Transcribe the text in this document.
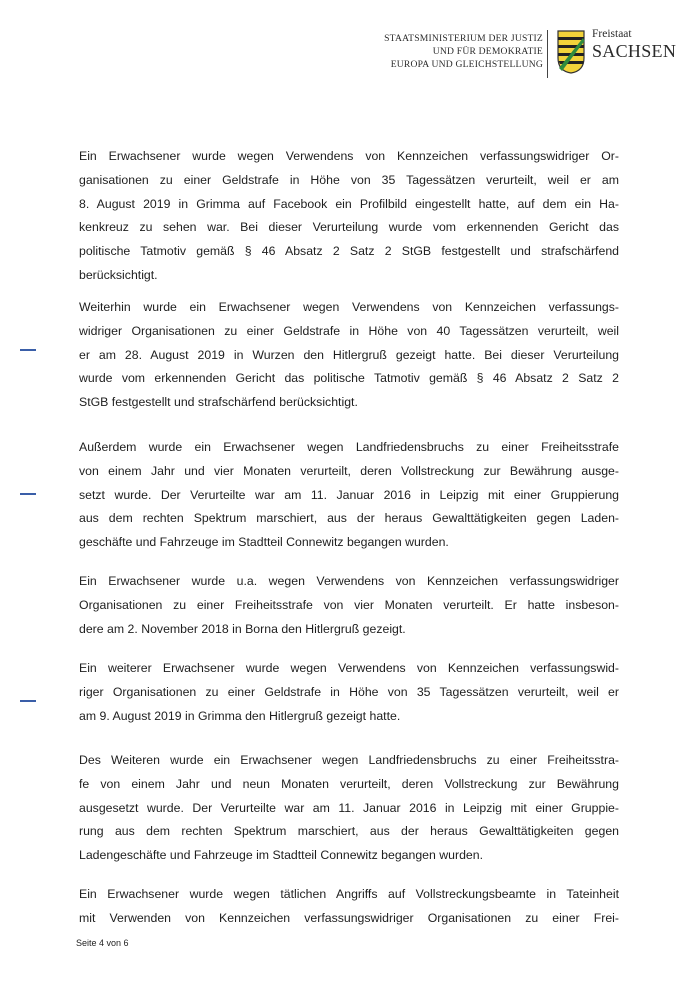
STAATSMINISTERIUM DER JUSTIZ
UND FÜR DEMOKRATIE
EUROPA UND GLEICHSTELLUNG
Freistaat
SACHSEN
Ein Erwachsener wurde wegen Verwendens von Kennzeichen verfassungswidriger Or-
ganisationen zu einer Geldstrafe in Höhe von 35 Tagessätzen verurteilt, weil er am
8. August 2019 in Grimma auf Facebook ein Profilbild eingestellt hatte, auf dem ein Ha-
kenkreuz zu sehen war. Bei dieser Verurteilung wurde vom erkennenden Gericht das
politische Tatmotiv gemäß § 46 Absatz 2 Satz 2 StGB festgestellt und strafschärfend
berücksichtigt.
Weiterhin wurde ein Erwachsener wegen Verwendens von Kennzeichen verfassungs-
widriger Organisationen zu einer Geldstrafe in Höhe von 40 Tagessätzen verurteilt, weil
er am 28. August 2019 in Wurzen den Hitlergruß gezeigt hatte. Bei dieser Verurteilung
wurde vom erkennenden Gericht das politische Tatmotiv gemäß § 46 Absatz 2 Satz 2
StGB festgestellt und strafschärfend berücksichtigt.
Außerdem wurde ein Erwachsener wegen Landfriedensbruchs zu einer Freiheitsstrafe
von einem Jahr und vier Monaten verurteilt, deren Vollstreckung zur Bewährung ausge-
setzt wurde. Der Verurteilte war am 11. Januar 2016 in Leipzig mit einer Gruppierung
aus dem rechten Spektrum marschiert, aus der heraus Gewalttätigkeiten gegen Laden-
geschäfte und Fahrzeuge im Stadtteil Connewitz begangen wurden.
Ein Erwachsener wurde u.a. wegen Verwendens von Kennzeichen verfassungswidriger
Organisationen zu einer Freiheitsstrafe von vier Monaten verurteilt. Er hatte insbeson-
dere am 2. November 2018 in Borna den Hitlergruß gezeigt.
Ein weiterer Erwachsener wurde wegen Verwendens von Kennzeichen verfassungswid-
riger Organisationen zu einer Geldstrafe in Höhe von 35 Tagessätzen verurteilt, weil er
am 9. August 2019 in Grimma den Hitlergruß gezeigt hatte.
Des Weiteren wurde ein Erwachsener wegen Landfriedensbruchs zu einer Freiheitsstra-
fe von einem Jahr und neun Monaten verurteilt, deren Vollstreckung zur Bewährung
ausgesetzt wurde. Der Verurteilte war am 11. Januar 2016 in Leipzig mit einer Gruppie-
rung aus dem rechten Spektrum marschiert, aus der heraus Gewalttätigkeiten gegen
Ladengeschäfte und Fahrzeuge im Stadtteil Connewitz begangen wurden.
Ein Erwachsener wurde wegen tätlichen Angriffs auf Vollstreckungsbeamte in Tateinheit
mit Verwenden von Kennzeichen verfassungswidriger Organisationen zu einer Frei-
Seite 4 von 6
